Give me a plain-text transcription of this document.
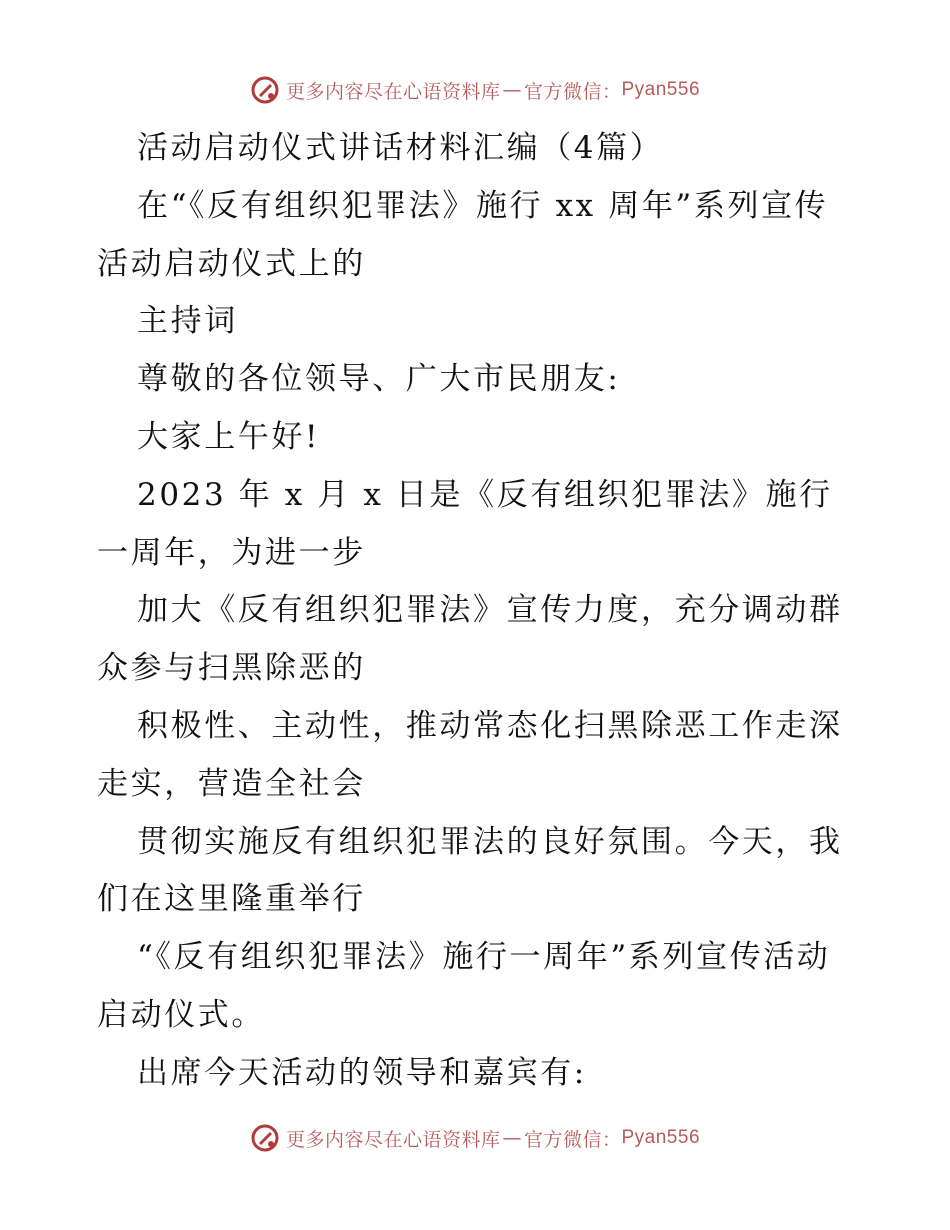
更多内容尽在心语资料库 — 官方微信： Pyan556

活动启动仪式讲话材料汇编（4篇）

在“《反有组织犯罪法》施行 xx 周年”系列宣传活动启动仪式上的

主持词

尊敬的各位领导、广大市民朋友:

大家上午好!

2023 年 x 月 x 日是《反有组织犯罪法》施行一周年，为进一步

加大《反有组织犯罪法》宣传力度，充分调动群众参与扫黑除恶的

积极性、主动性，推动常态化扫黑除恶工作走深走实，营造全社会

贯彻实施反有组织犯罪法的良好氛围。今天，我们在这里隆重举行

“《反有组织犯罪法》施行一周年”系列宣传活动启动仪式。

出席今天活动的领导和嘉宾有:

更多内容尽在心语资料库 — 官方微信： Pyan556
